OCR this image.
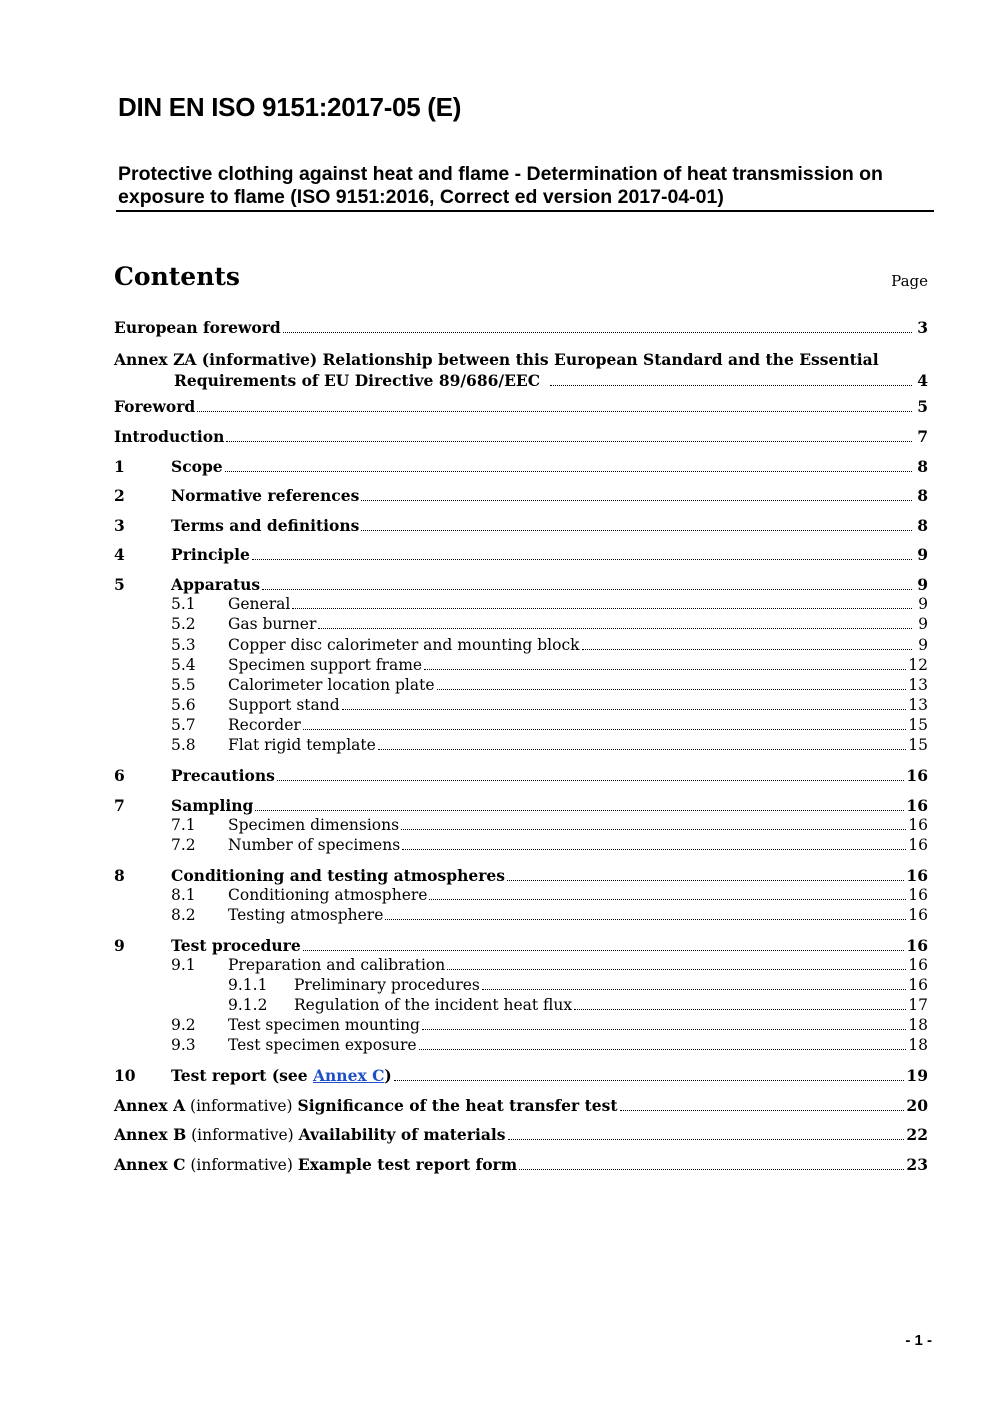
DIN EN ISO 9151:2017-05 (E)

Protective clothing against heat and flame - Determination of heat transmission on exposure to flame (ISO 9151:2016, Correct ed version 2017-04-01)

Contents	Page
European foreword	3
Annex ZA (informative) Relationship between this European Standard and the Essential
Requirements of EU Directive 89/686/EEC	4
Foreword	5
Introduction	7
1	Scope	8
2	Normative references	8
3	Terms and definitions	8
4	Principle	9
5	Apparatus	9
5.1	General	9
5.2	Gas burner	9
5.3	Copper disc calorimeter and mounting block	9
5.4	Specimen support frame	12
5.5	Calorimeter location plate	13
5.6	Support stand	13
5.7	Recorder	15
5.8	Flat rigid template	15
6	Precautions	16
7	Sampling	16
7.1	Specimen dimensions	16
7.2	Number of specimens	16
8	Conditioning and testing atmospheres	16
8.1	Conditioning atmosphere	16
8.2	Testing atmosphere	16
9	Test procedure	16
9.1	Preparation and calibration	16
9.1.1	Preliminary procedures	16
9.1.2	Regulation of the incident heat flux	17
9.2	Test specimen mounting	18
9.3	Test specimen exposure	18
10	Test report (see Annex C)	19
Annex A (informative) Significance of the heat transfer test	20
Annex B (informative) Availability of materials	22
Annex C (informative) Example test report form	23
- 1 -
